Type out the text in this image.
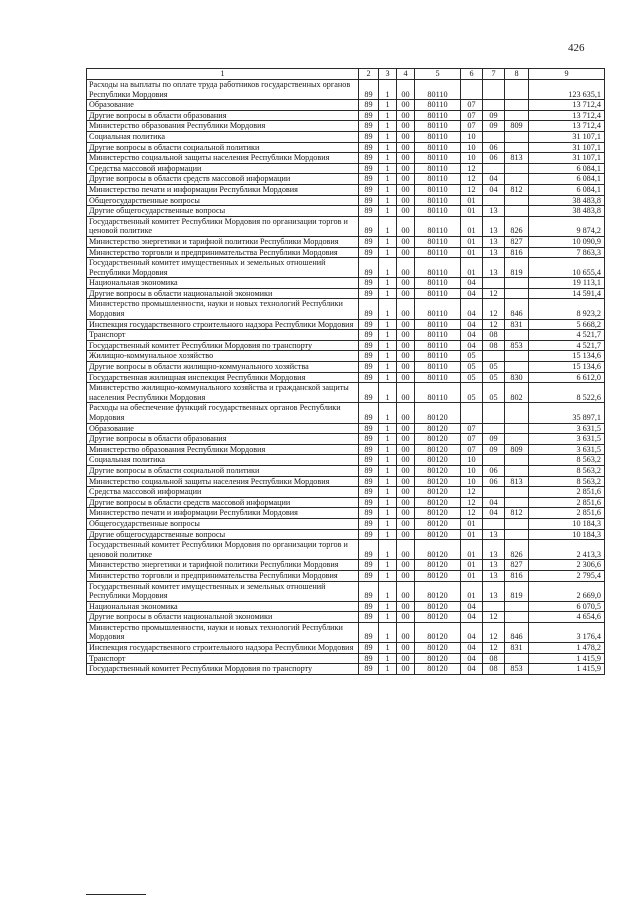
426
1	2	3	4	5	6	7	8	9
Расходы на выплаты по оплате труда работников государственных органов Республики Мордовия	89	1	00	80110				123 635,1
Образование	89	1	00	80110	07			13 712,4
Другие вопросы в области образования	89	1	00	80110	07	09		13 712,4
Министерство образования Республики Мордовия	89	1	00	80110	07	09	809	13 712,4
Социальная политика	89	1	00	80110	10			31 107,1
Другие вопросы в области социальной политики	89	1	00	80110	10	06		31 107,1
Министерство социальной защиты населения Республики Мордовия	89	1	00	80110	10	06	813	31 107,1
Средства массовой информации	89	1	00	80110	12			6 084,1
Другие вопросы в области средств массовой информации	89	1	00	80110	12	04		6 084,1
Министерство печати и информации Республики Мордовия	89	1	00	80110	12	04	812	6 084,1
Общегосударственные вопросы	89	1	00	80110	01			38 483,8
Другие общегосударственные вопросы	89	1	00	80110	01	13		38 483,8
Государственный комитет Республики Мордовия по организации торгов и ценовой политике	89	1	00	80110	01	13	826	9 874,2
Министерство энергетики и тарифной политики Республики Мордовия	89	1	00	80110	01	13	827	10 090,9
Министерство торговли и предпринимательства Республики Мордовия	89	1	00	80110	01	13	816	7 863,3
Государственный комитет имущественных и земельных отношений Республики Мордовия	89	1	00	80110	01	13	819	10 655,4
Национальная экономика	89	1	00	80110	04			19 113,1
Другие вопросы в области национальной экономики	89	1	00	80110	04	12		14 591,4
Министерство промышленности, науки и новых технологий Республики Мордовия	89	1	00	80110	04	12	846	8 923,2
Инспекция государственного строительного надзора Республики Мордовия	89	1	00	80110	04	12	831	5 668,2
Транспорт	89	1	00	80110	04	08		4 521,7
Государственный комитет Республики Мордовия по транспорту	89	1	00	80110	04	08	853	4 521,7
Жилищно-коммунальное хозяйство	89	1	00	80110	05			15 134,6
Другие вопросы в области жилищно-коммунального хозяйства	89	1	00	80110	05	05		15 134,6
Государственная жилищная инспекция Республики Мордовия	89	1	00	80110	05	05	830	6 612,0
Министерство жилищно-коммунального хозяйства и гражданской защиты населения Республики Мордовия	89	1	00	80110	05	05	802	8 522,6
Расходы на обеспечение функций государственных органов Республики Мордовия	89	1	00	80120				35 897,1
Образование	89	1	00	80120	07			3 631,5
Другие вопросы в области образования	89	1	00	80120	07	09		3 631,5
Министерство образования Республики Мордовия	89	1	00	80120	07	09	809	3 631,5
Социальная политика	89	1	00	80120	10			8 563,2
Другие вопросы в области социальной политики	89	1	00	80120	10	06		8 563,2
Министерство социальной защиты населения Республики Мордовия	89	1	00	80120	10	06	813	8 563,2
Средства массовой информации	89	1	00	80120	12			2 851,6
Другие вопросы в области средств массовой информации	89	1	00	80120	12	04		2 851,6
Министерство печати и информации Республики Мордовия	89	1	00	80120	12	04	812	2 851,6
Общегосударственные вопросы	89	1	00	80120	01			10 184,3
Другие общегосударственные вопросы	89	1	00	80120	01	13		10 184,3
Государственный комитет Республики Мордовия по организации торгов и ценовой политике	89	1	00	80120	01	13	826	2 413,3
Министерство энергетики и тарифной политики Республики Мордовия	89	1	00	80120	01	13	827	2 306,6
Министерство торговли и предпринимательства Республики Мордовия	89	1	00	80120	01	13	816	2 795,4
Государственный комитет имущественных и земельных отношений Республики Мордовия	89	1	00	80120	01	13	819	2 669,0
Национальная экономика	89	1	00	80120	04			6 070,5
Другие вопросы в области национальной экономики	89	1	00	80120	04	12		4 654,6
Министерство промышленности, науки и новых технологий Республики Мордовия	89	1	00	80120	04	12	846	3 176,4
Инспекция государственного строительного надзора Республики Мордовия	89	1	00	80120	04	12	831	1 478,2
Транспорт	89	1	00	80120	04	08		1 415,9
Государственный комитет Республики Мордовия по транспорту	89	1	00	80120	04	08	853	1 415,9
